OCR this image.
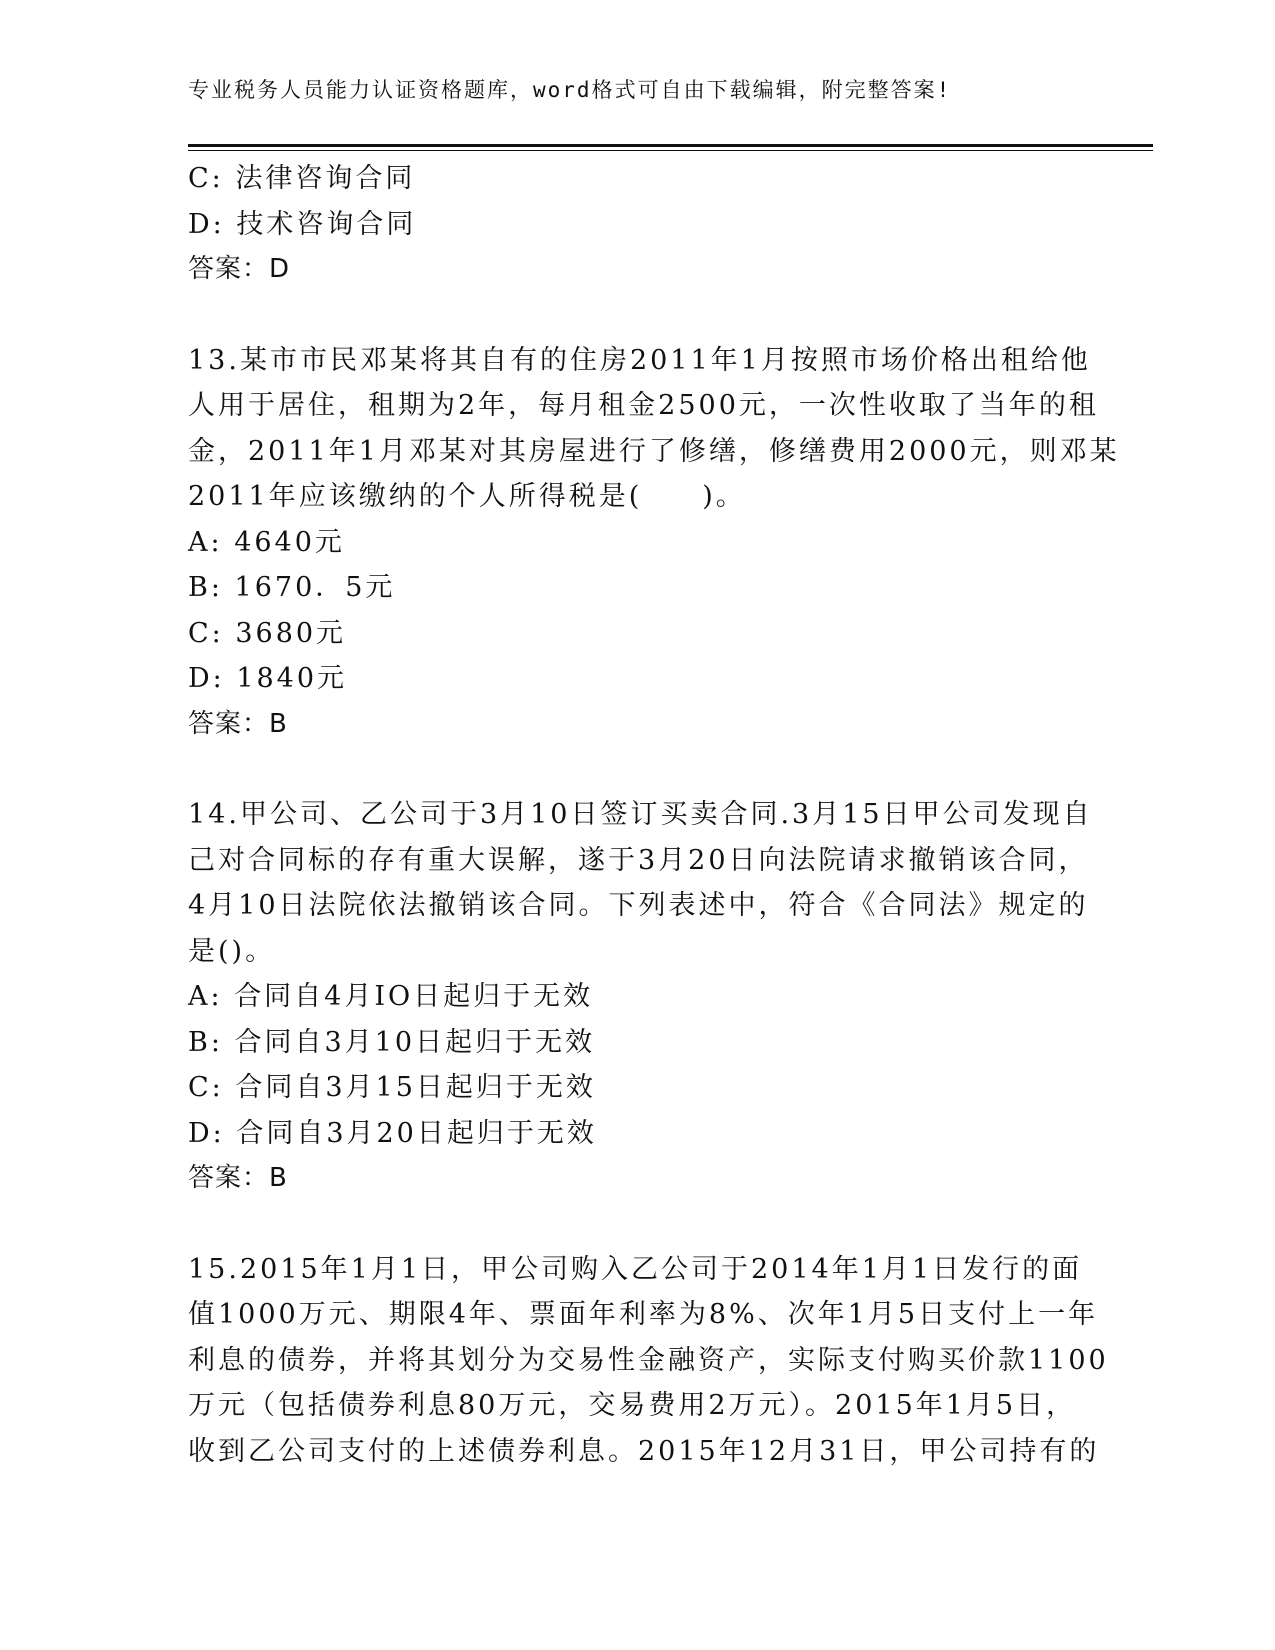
专业税务人员能力认证资格题库，word格式可自由下载编辑，附完整答案!

C: 法律咨询合同

D: 技术咨询合同

答案：D

13.某市市民邓某将其自有的住房2011年1月按照市场价格出租给他

人用于居住，租期为2年，每月租金2500元，一次性收取了当年的租

金，2011年1月邓某对其房屋进行了修缮，修缮费用2000元，则邓某

2011年应该缴纳的个人所得税是(　　)。

A: 4640元

B: 1670．5元

C: 3680元

D: 1840元

答案：B

14.甲公司、乙公司于3月10日签订买卖合同.3月15日甲公司发现自

己对合同标的存有重大误解，遂于3月20日向法院请求撤销该合同，

4月10日法院依法撤销该合同。下列表述中，符合《合同法》规定的

是()。

A: 合同自4月IO日起归于无效

B: 合同自3月10日起归于无效

C: 合同自3月15日起归于无效

D: 合同自3月20日起归于无效

答案：B

15.2015年1月1日，甲公司购入乙公司于2014年1月1日发行的面

值1000万元、期限4年、票面年利率为8%、次年1月5日支付上一年

利息的债券，并将其划分为交易性金融资产，实际支付购买价款1100

万元（包括债券利息80万元，交易费用2万元）。2015年1月5日，

收到乙公司支付的上述债券利息。2015年12月31日，甲公司持有的
